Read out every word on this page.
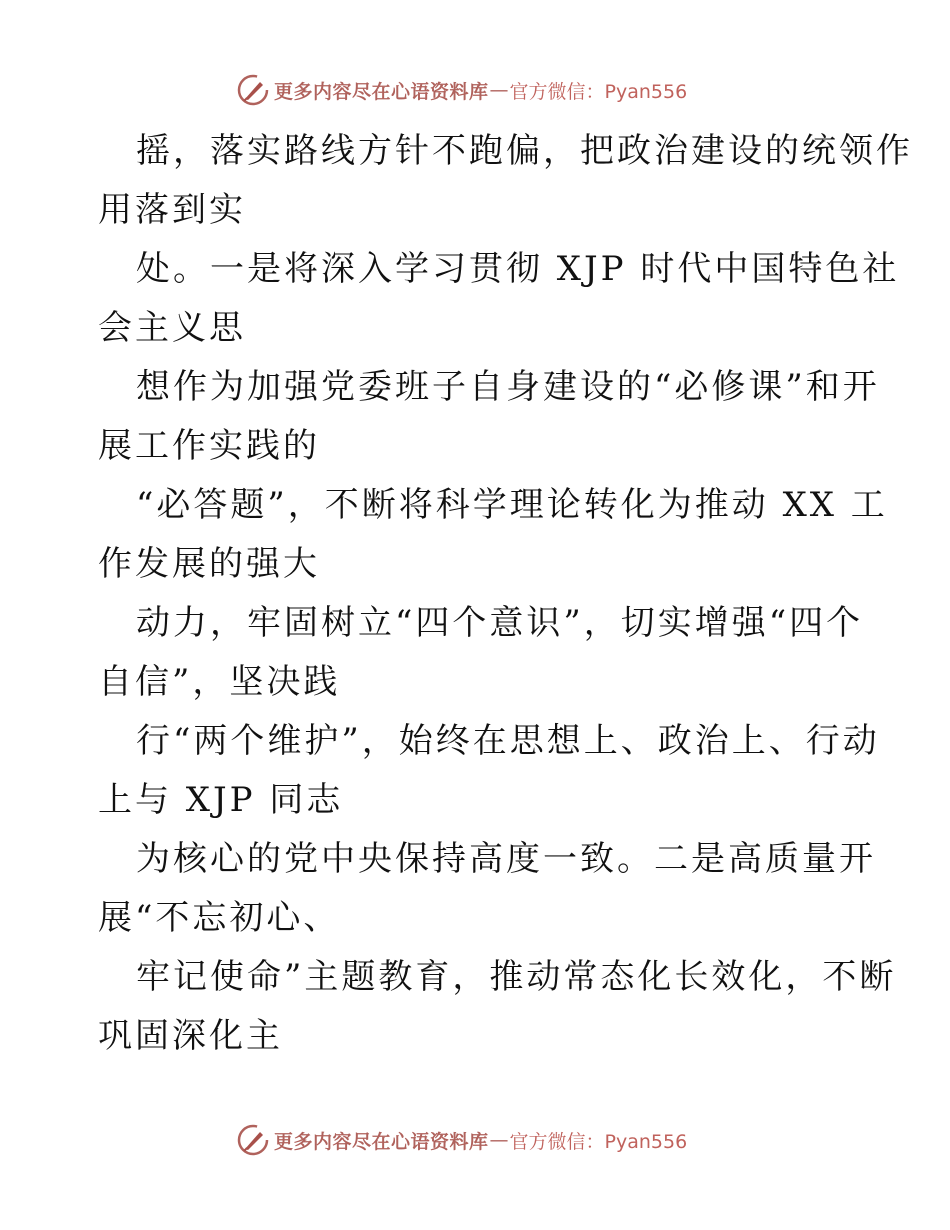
更多内容尽在心语资料库 — 官方微信：Pyan556
摇，落实路线方针不跑偏，把政治建设的统领作
用落到实
处。一是将深入学习贯彻 XJP 时代中国特色社
会主义思
想作为加强党委班子自身建设的“必修课”和开
展工作实践的
“必答题”，不断将科学理论转化为推动 XX 工
作发展的强大
动力，牢固树立“四个意识”，切实增强“四个
自信”，坚决践
行“两个维护”，始终在思想上、政治上、行动
上与 XJP 同志
为核心的党中央保持高度一致。二是高质量开
展“不忘初心、
牢记使命”主题教育，推动常态化长效化，不断
巩固深化主
更多内容尽在心语资料库 — 官方微信：Pyan556
